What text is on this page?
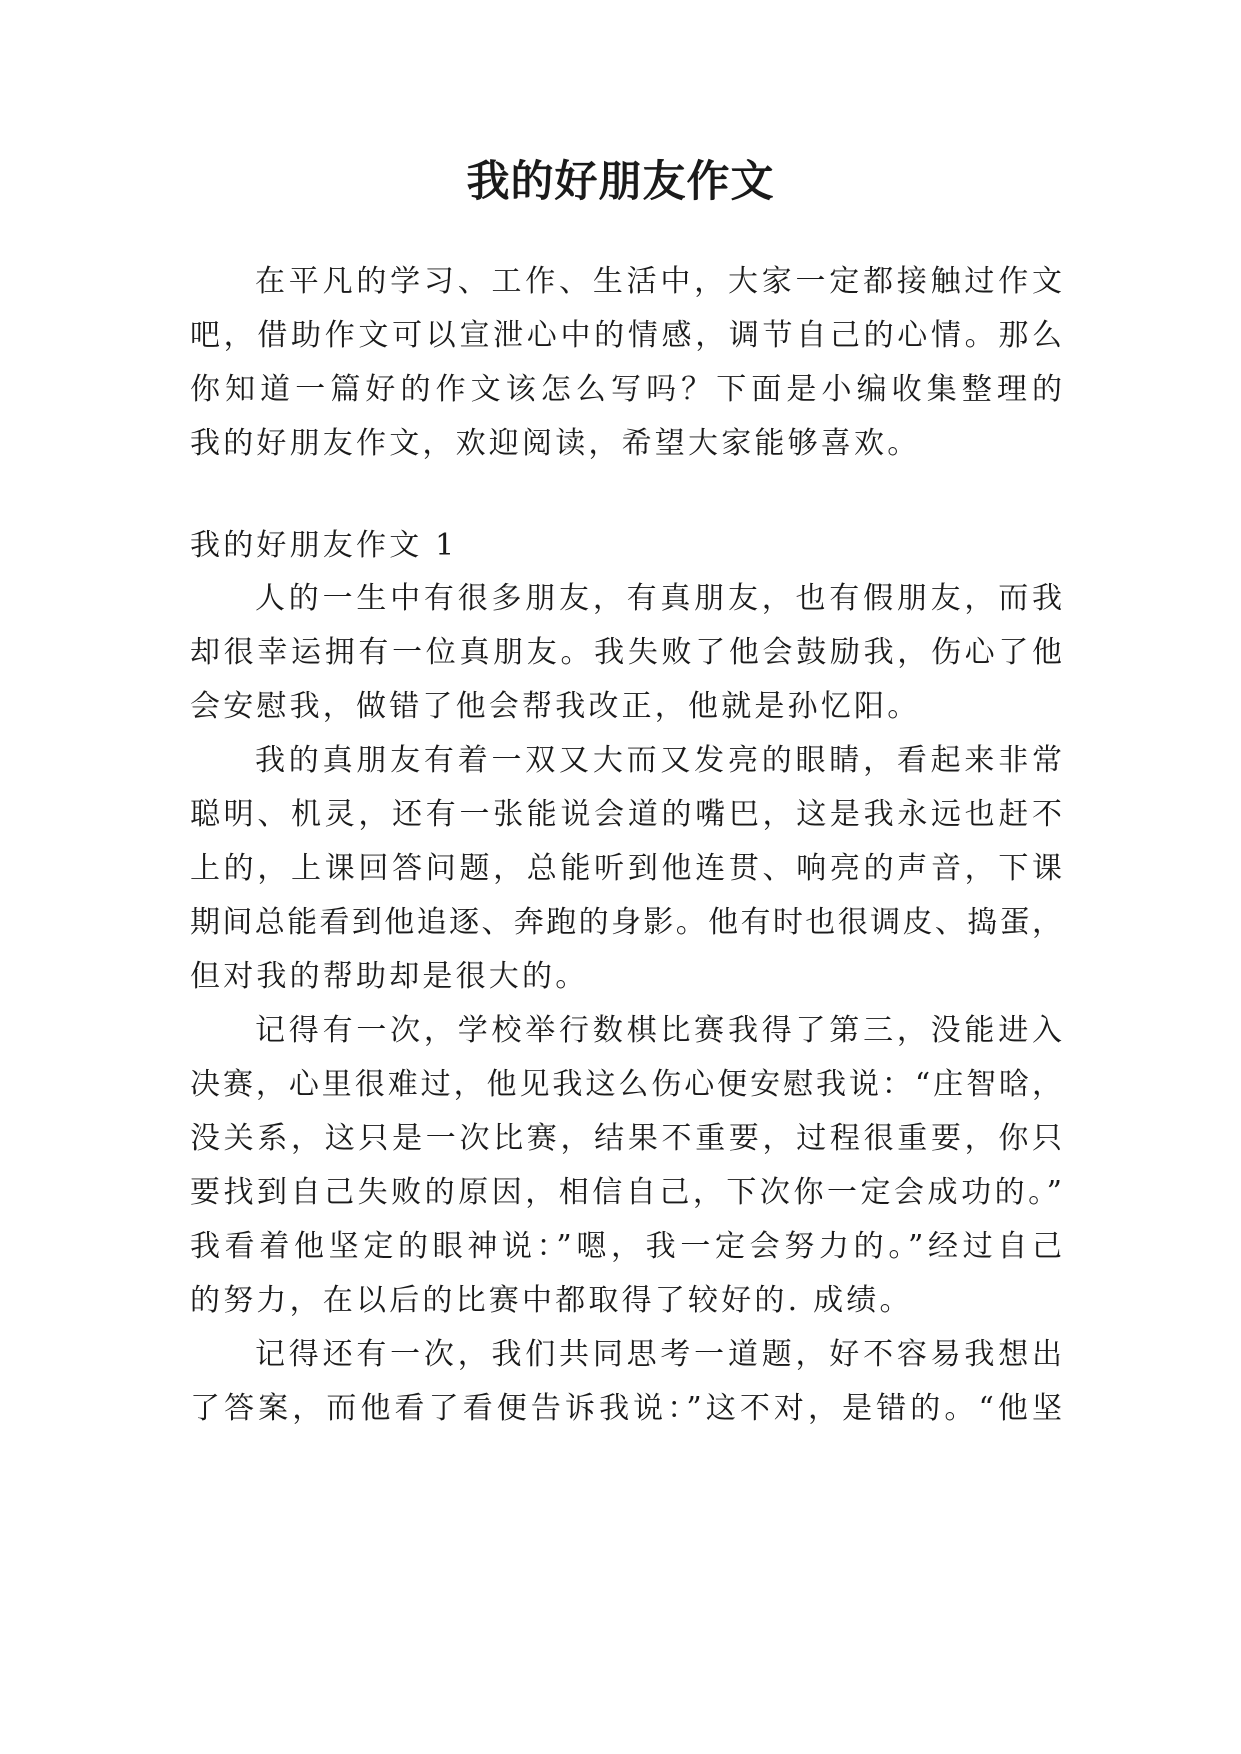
我的好朋友作文
在平凡的学习、工作、生活中，大家一定都接触过作文
吧，借助作文可以宣泄心中的情感，调节自己的心情。那么
你知道一篇好的作文该怎么写吗？下面是小编收集整理的
我的好朋友作文，欢迎阅读，希望大家能够喜欢。
我的好朋友作文 1
人的一生中有很多朋友，有真朋友，也有假朋友，而我
却很幸运拥有一位真朋友。我失败了他会鼓励我，伤心了他
会安慰我，做错了他会帮我改正，他就是孙忆阳。
我的真朋友有着一双又大而又发亮的眼睛，看起来非常
聪明、机灵，还有一张能说会道的嘴巴，这是我永远也赶不
上的，上课回答问题，总能听到他连贯、响亮的声音，下课
期间总能看到他追逐、奔跑的身影。他有时也很调皮、捣蛋，
但对我的帮助却是很大的。
记得有一次，学校举行数棋比赛我得了第三，没能进入
决赛，心里很难过，他见我这么伤心便安慰我说：“庄智晗，
没关系，这只是一次比赛，结果不重要，过程很重要，你只
要找到自己失败的原因，相信自己，下次你一定会成功的。”
我看着他坚定的眼神说：”嗯，我一定会努力的。”经过自己
的努力，在以后的比赛中都取得了较好的. 成绩。
记得还有一次，我们共同思考一道题，好不容易我想出
了答案，而他看了看便告诉我说：”这不对，是错的。“他坚
